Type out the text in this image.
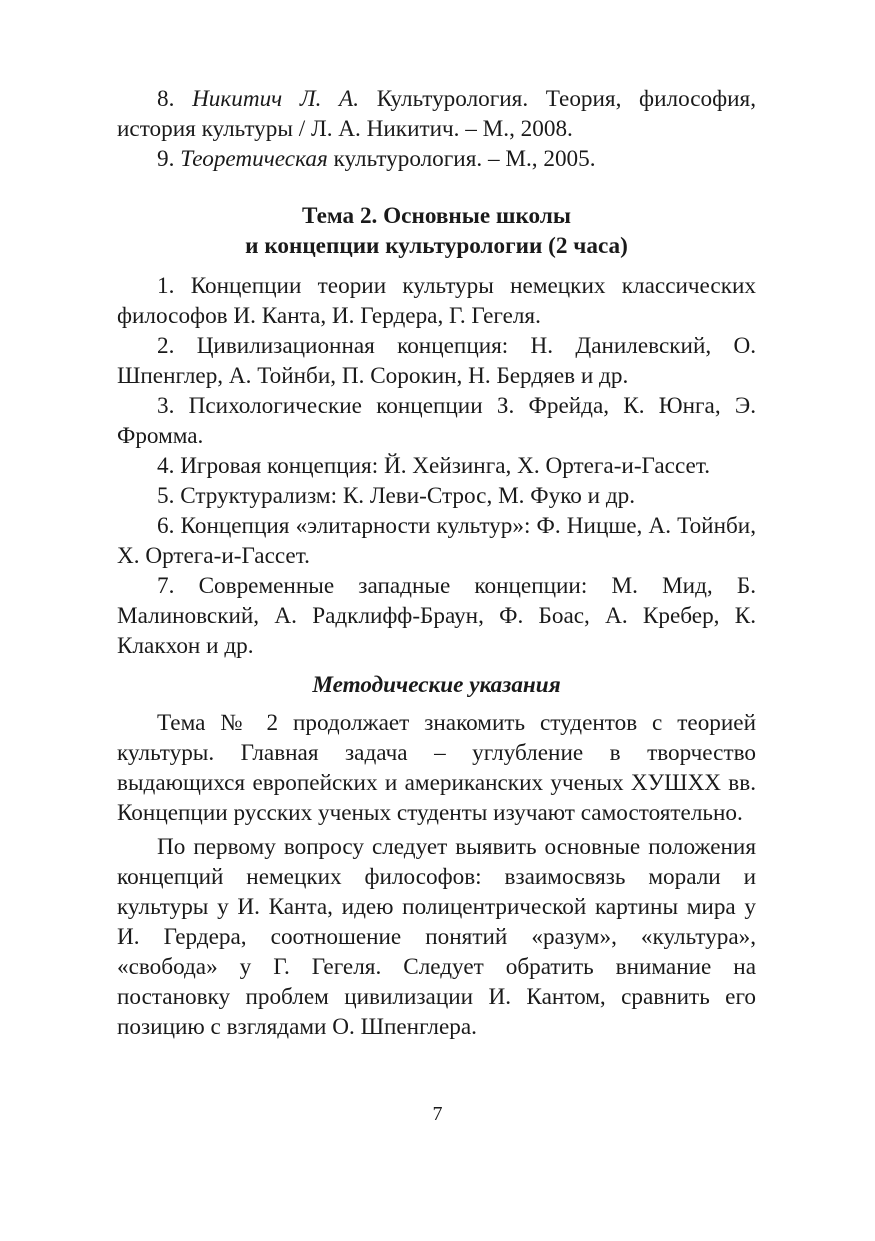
8. Никитич Л. А. Культурология. Теория, философия, история культуры / Л. А. Никитич. – М., 2008.

9. Теоретическая культурология. – М., 2005.

Тема 2. Основные школы

и концепции культурологии (2 часа)

1. Концепции теории культуры немецких классических философов И. Канта, И. Гердера, Г. Гегеля.

2. Цивилизационная концепция: Н. Данилевский, О. Шпенглер, А. Тойнби, П. Сорокин, Н. Бердяев и др.

3. Психологические концепции З. Фрейда, К. Юнга, Э. Фромма.

4. Игровая концепция: Й. Хейзинга, Х. Ортега-и-Гассет.

5. Структурализм: К. Леви-Строс, М. Фуко и др.

6. Концепция «элитарности культур»: Ф. Ницше, А. Тойнби, Х. Ортега-и-Гассет.

7. Современные западные концепции: М. Мид, Б. Малиновский, А. Радклифф-Браун, Ф. Боас, А. Кребер, К. Клакхон и др.

Методические указания

Тема № 2 продолжает знакомить студентов с теорией культуры. Главная задача – углубление в творчество выдающихся европейских и американских ученых ХУШХХ вв. Концепции русских ученых студенты изучают самостоятельно.

По первому вопросу следует выявить основные положения концепций немецких философов: взаимосвязь морали и культуры у И. Канта, идею полицентрической картины мира у И. Гердера, соотношение понятий «разум», «культура», «свобода» у Г. Гегеля. Следует обратить внимание на постановку проблем цивилизации И. Кантом, сравнить его позицию с взглядами О. Шпенглера.

7
